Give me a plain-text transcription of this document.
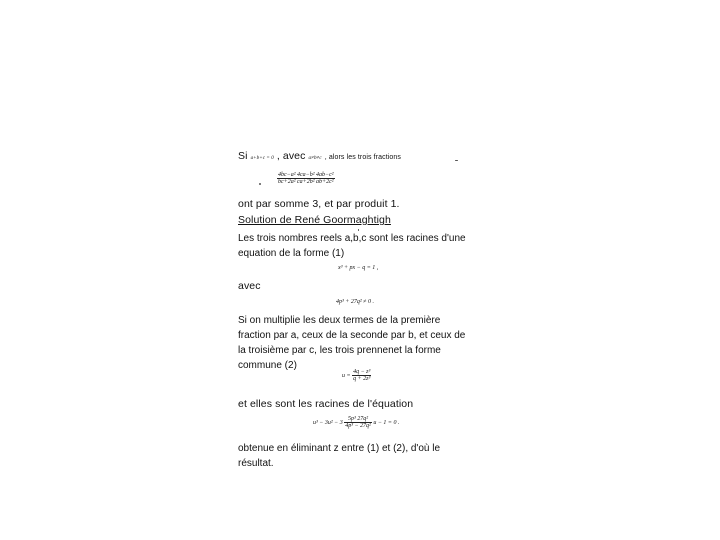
Si a+b+c = 0 , avec a≠b≠c , alors les trois fractions
$\frac{\text{4bc−a² 4ca−b² 4ab−c²}}{\text{bc+2a² ca+2b² ab+2c²}}$
ont par somme 3, et par produit 1.
Solution de René Goormaghtigh
Les trois nombres reels a,b,c sont les racines d'une
equation de la forme (1)
x³ + px − q = 1 ,
avec
4p³ + 27q² ≠ 0 .
Si on multiplie les deux termes de la première
fraction par a, ceux de la seconde par b, et ceux de
la troisième par c, les trois prennenet la forme
commune (2)
$u = \frac{\text{4q − z³}}{\text{q + 2z³}}$
et elles sont les racines de l'équation
$u^3 - 3u^2 - 3 \frac{\text{5p³ 27q²}}{\text{4p³ − 27q²}}$ u − 1 = 0 .
obtenue en éliminant z entre (1) et (2), d'où le
résultat.
